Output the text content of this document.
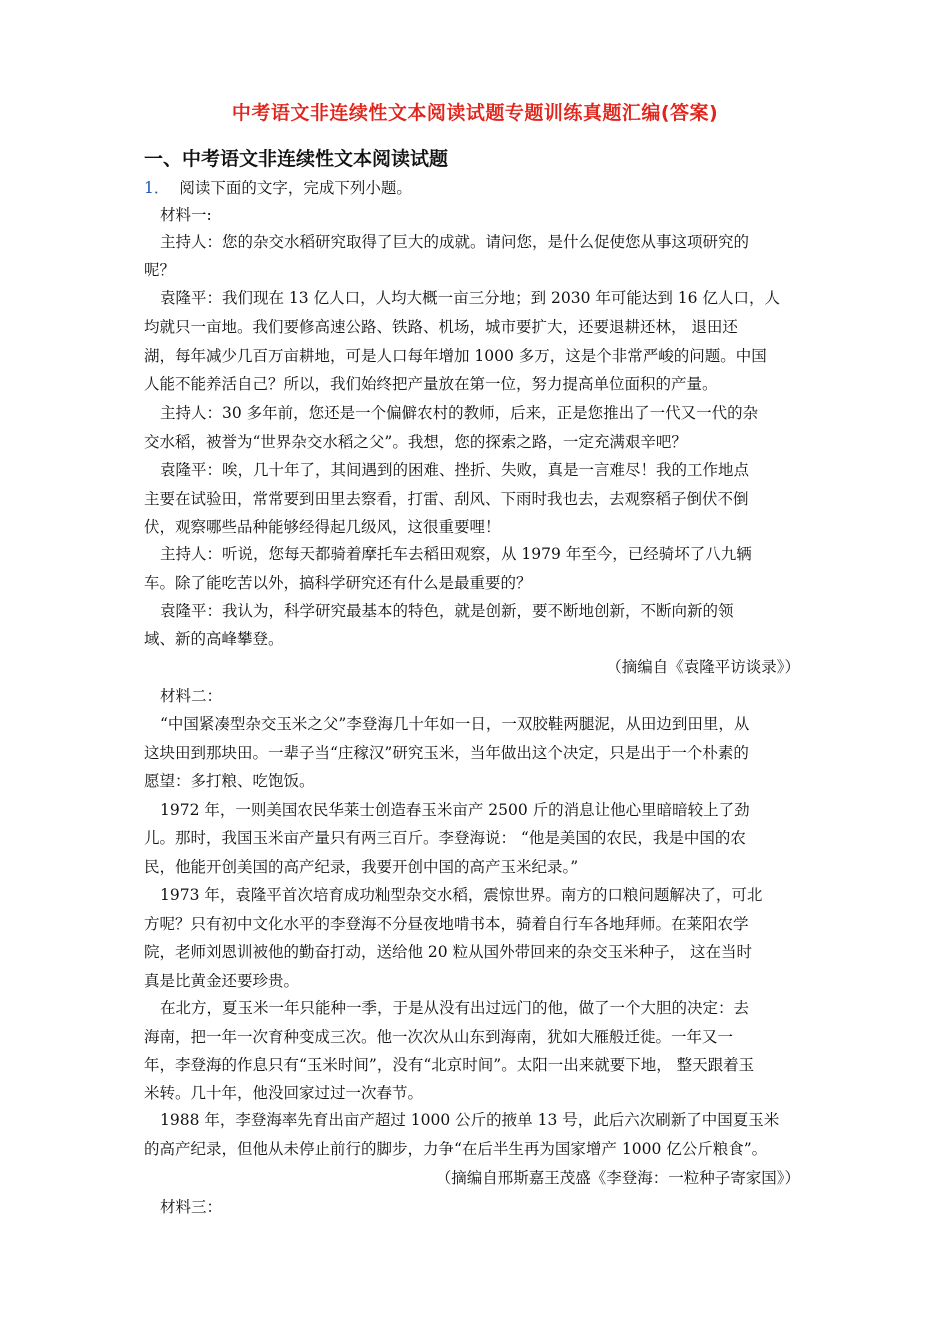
中考语文非连续性文本阅读试题专题训练真题汇编(答案)
一、中考语文非连续性文本阅读试题
1． 阅读下面的文字，完成下列小题。
材料一:
主持人：您的杂交水稻研究取得了巨大的成就。请问您，是什么促使您从事这项研究的
呢？
袁隆平：我们现在 13 亿人口，人均大概一亩三分地；到 2030 年可能达到 16 亿人口，人
均就只一亩地。我们要修高速公路、铁路、机场，城市要扩大，还要退耕还林， 退田还
湖，每年减少几百万亩耕地，可是人口每年增加 1000 多万，这是个非常严峻的问题。中国
人能不能养活自己？所以，我们始终把产量放在第一位，努力提高单位面积的产量。
主持人：30 多年前，您还是一个偏僻农村的教师，后来，正是您推出了一代又一代的杂
交水稻，被誉为“世界杂交水稻之父”。我想，您的探索之路，一定充满艰辛吧？
袁隆平：唉，几十年了，其间遇到的困难、挫折、失败，真是一言难尽！我的工作地点
主要在试验田，常常要到田里去察看，打雷、刮风、下雨时我也去，去观察稻子倒伏不倒
伏，观察哪些品种能够经得起几级风，这很重要哩！
主持人：听说，您每天都骑着摩托车去稻田观察，从 1979 年至今，已经骑坏了八九辆
车。除了能吃苦以外，搞科学研究还有什么是最重要的？
袁隆平：我认为，科学研究最基本的特色，就是创新，要不断地创新，不断向新的领
域、新的高峰攀登。
（摘编自《袁隆平访谈录》）
材料二：
“中国紧凑型杂交玉米之父”李登海几十年如一日，一双胶鞋两腿泥，从田边到田里，从
这块田到那块田。一辈子当“庄稼汉”研究玉米，当年做出这个决定，只是出于一个朴素的
愿望：多打粮、吃饱饭。
1972 年，一则美国农民华莱士创造春玉米亩产 2500 斤的消息让他心里暗暗较上了劲
儿。那时，我国玉米亩产量只有两三百斤。李登海说： “他是美国的农民，我是中国的农
民，他能开创美国的高产纪录，我要开创中国的高产玉米纪录。”
1973 年，袁隆平首次培育成功籼型杂交水稻，震惊世界。南方的口粮问题解决了，可北
方呢？只有初中文化水平的李登海不分昼夜地啃书本，骑着自行车各地拜师。在莱阳农学
院，老师刘恩训被他的勤奋打动，送给他 20 粒从国外带回来的杂交玉米种子， 这在当时
真是比黄金还要珍贵。
在北方，夏玉米一年只能种一季，于是从没有出过远门的他，做了一个大胆的决定：去
海南，把一年一次育种变成三次。他一次次从山东到海南，犹如大雁般迁徙。一年又一
年，李登海的作息只有“玉米时间”，没有“北京时间”。太阳一出来就要下地， 整天跟着玉
米转。几十年，他没回家过过一次春节。
1988 年，李登海率先育出亩产超过 1000 公斤的掖单 13 号，此后六次刷新了中国夏玉米
的高产纪录，但他从未停止前行的脚步，力争“在后半生再为国家增产 1000 亿公斤粮食”。
（摘编自邢斯嘉王茂盛《李登海：一粒种子寄家国》）
材料三：
